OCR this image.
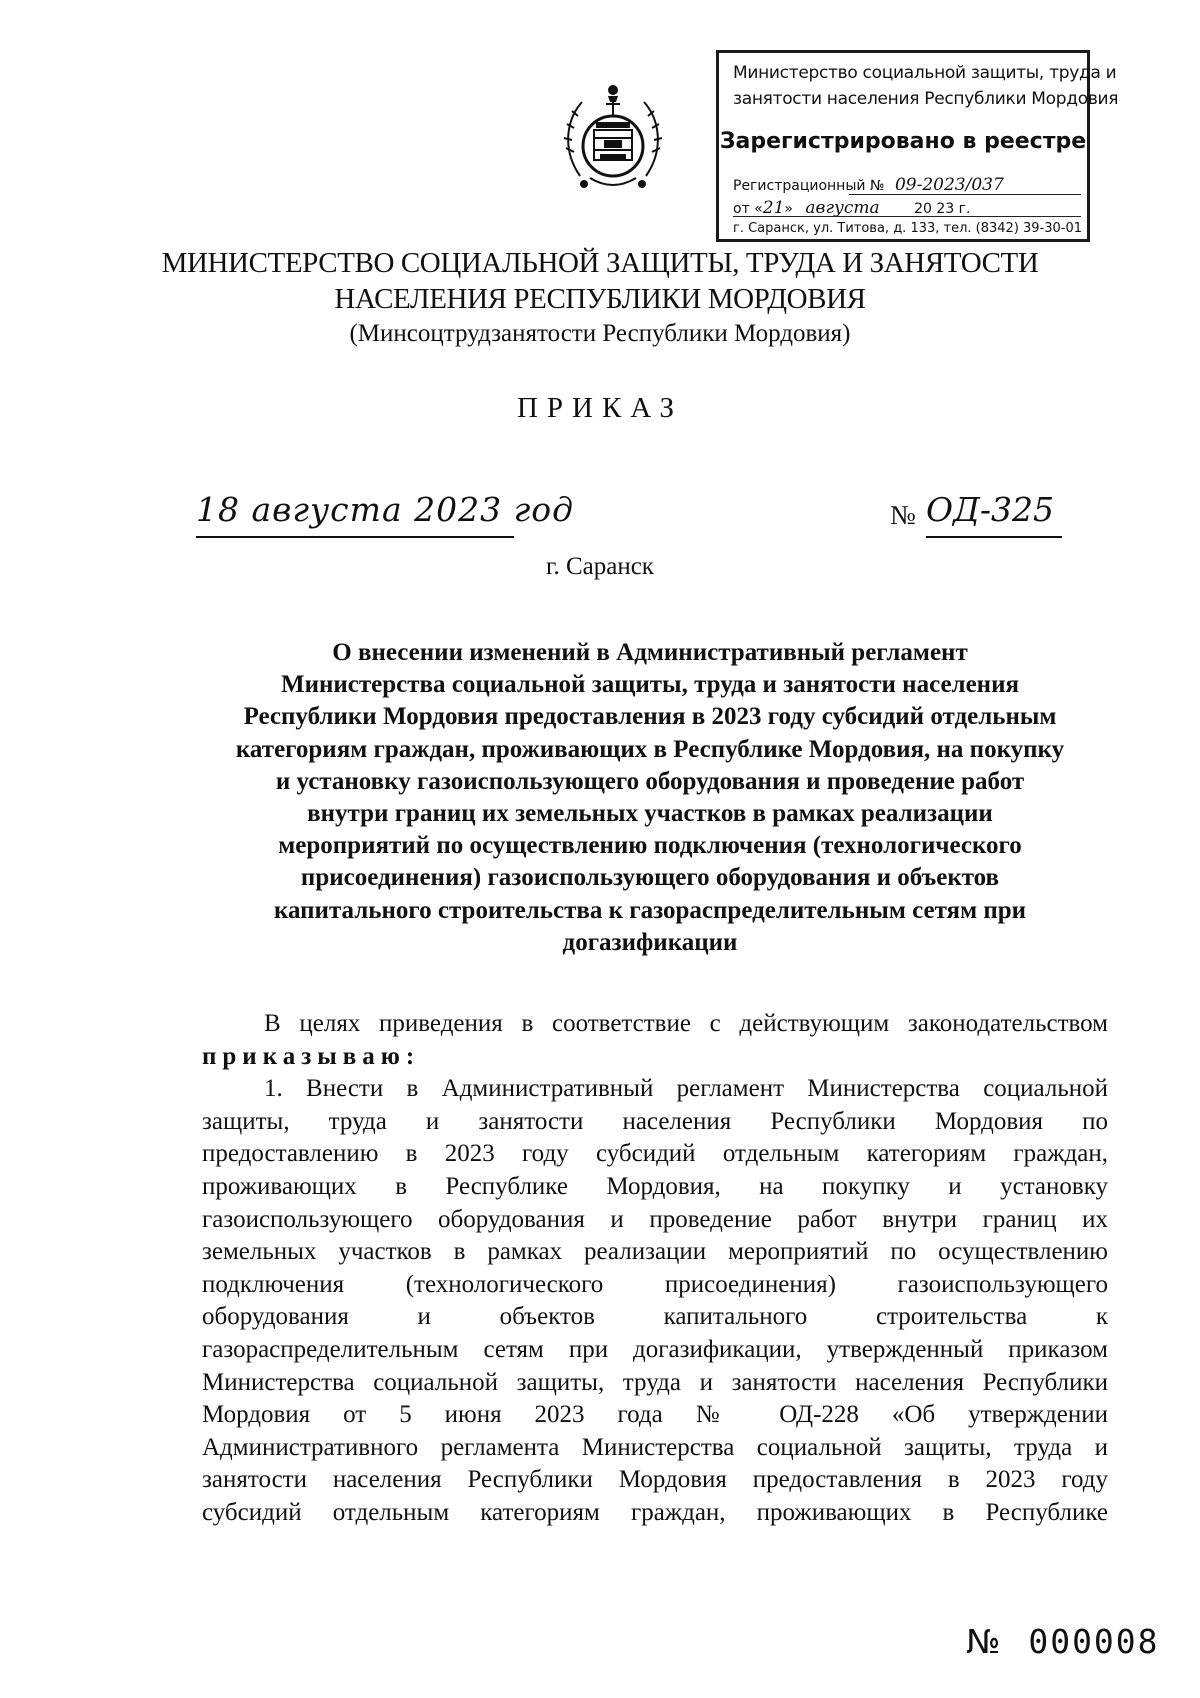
Министерство социальной защиты, труда и
занятости населения Республики Мордовия
Зарегистрировано в реестре
Регистрационный № 09-2023/037
от «21» августа 20 23 г.
г. Саранск, ул. Титова, д. 133, тел. (8342) 39-30-01
МИНИСТЕРСТВО СОЦИАЛЬНОЙ ЗАЩИТЫ, ТРУДА И ЗАНЯТОСТИ
НАСЕЛЕНИЯ РЕСПУБЛИКИ МОРДОВИЯ
(Минсоцтрудзанятости Республики Мордовия)
ПРИКАЗ
18 августа 2023 год	№ ОД-325
г. Саранск
О внесении изменений в Административный регламент
Министерства социальной защиты, труда и занятости населения
Республики Мордовия предоставления в 2023 году субсидий отдельным
категориям граждан, проживающих в Республике Мордовия, на покупку
и установку газоиспользующего оборудования и проведение работ
внутри границ их земельных участков в рамках реализации
мероприятий по осуществлению подключения (технологического
присоединения) газоиспользующего оборудования и объектов
капитального строительства к газораспределительным сетям при
догазификации
В целях приведения в соответствие с действующим законодательством
приказываю:
1. Внести в Административный регламент Министерства социальной
защиты, труда и занятости населения Республики Мордовия по
предоставлению в 2023 году субсидий отдельным категориям граждан,
проживающих в Республике Мордовия, на покупку и установку
газоиспользующего оборудования и проведение работ внутри границ их
земельных участков в рамках реализации мероприятий по осуществлению
подключения (технологического присоединения) газоиспользующего
оборудования и объектов капитального строительства к
газораспределительным сетям при догазификации, утвержденный приказом
Министерства социальной защиты, труда и занятости населения Республики
Мордовия от 5 июня 2023 года № ОД-228 «Об утверждении
Административного регламента Министерства социальной защиты, труда и
занятости населения Республики Мордовия предоставления в 2023 году
субсидий отдельным категориям граждан, проживающих в Республике
№ 000008
